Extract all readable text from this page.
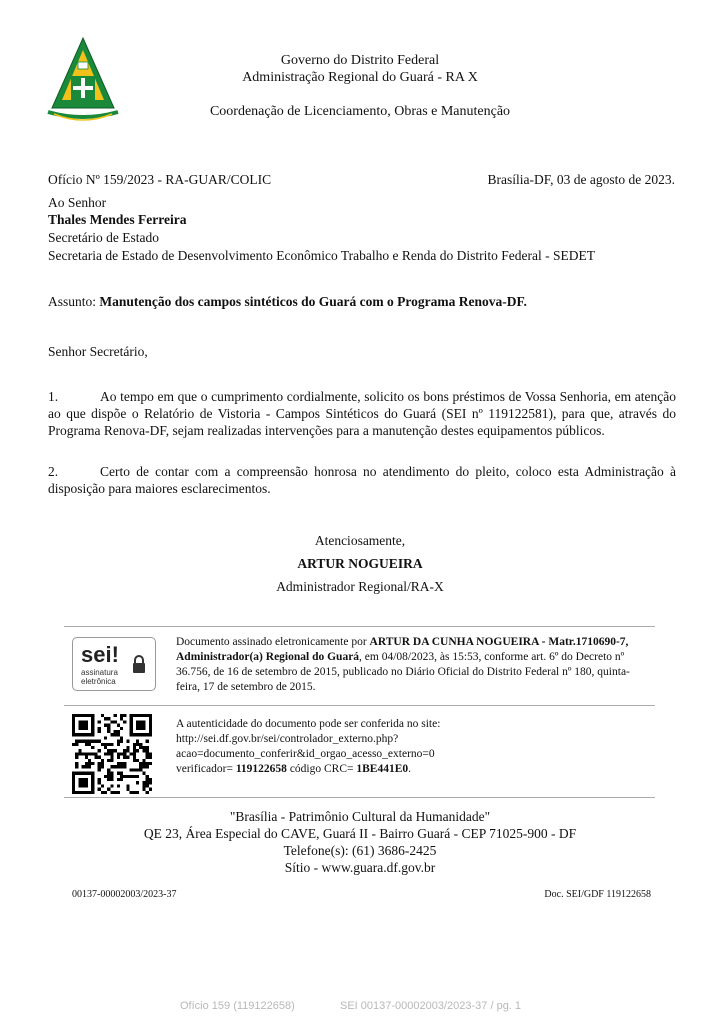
Governo do Distrito Federal
Administração Regional do Guará - RA X
Coordenação de Licenciamento, Obras e Manutenção
Ofício Nº 159/2023 - RA-GUAR/COLIC	Brasília-DF, 03 de agosto de 2023.
Ao Senhor
Thales Mendes Ferreira
Secretário de Estado
Secretaria de Estado de Desenvolvimento Econômico Trabalho e Renda do Distrito Federal - SEDET
Assunto: Manutenção dos campos sintéticos do Guará com o Programa Renova-DF.
Senhor Secretário,
1.	Ao tempo em que o cumprimento cordialmente, solicito os bons préstimos de Vossa Senhoria, em atenção ao que dispõe o Relatório de Vistoria - Campos Sintéticos do Guará (SEI nº 119122581), para que, através do Programa Renova-DF, sejam realizadas intervenções para a manutenção destes equipamentos públicos.
2.	Certo de contar com a compreensão honrosa no atendimento do pleito, coloco esta Administração à disposição para maiores esclarecimentos.
Atenciosamente,
ARTUR NOGUEIRA
Administrador Regional/RA-X
sei!
assinatura
eletrônica
Documento assinado eletronicamente por ARTUR DA CUNHA NOGUEIRA - Matr.1710690-7, Administrador(a) Regional do Guará, em 04/08/2023, às 15:53, conforme art. 6º do Decreto nº 36.756, de 16 de setembro de 2015, publicado no Diário Oficial do Distrito Federal nº 180, quinta-feira, 17 de setembro de 2015.
A autenticidade do documento pode ser conferida no site:
http://sei.df.gov.br/sei/controlador_externo.php?
acao=documento_conferir&id_orgao_acesso_externo=0
verificador= 119122658 código CRC= 1BE441E0.
"Brasília - Patrimônio Cultural da Humanidade"
QE 23, Área Especial do CAVE, Guará II - Bairro Guará - CEP 71025-900 - DF
Telefone(s): (61) 3686-2425
Sítio - www.guara.df.gov.br
00137-00002003/2023-37	Doc. SEI/GDF 119122658
Ofício 159 (119122658)	SEI 00137-00002003/2023-37 / pg. 1
